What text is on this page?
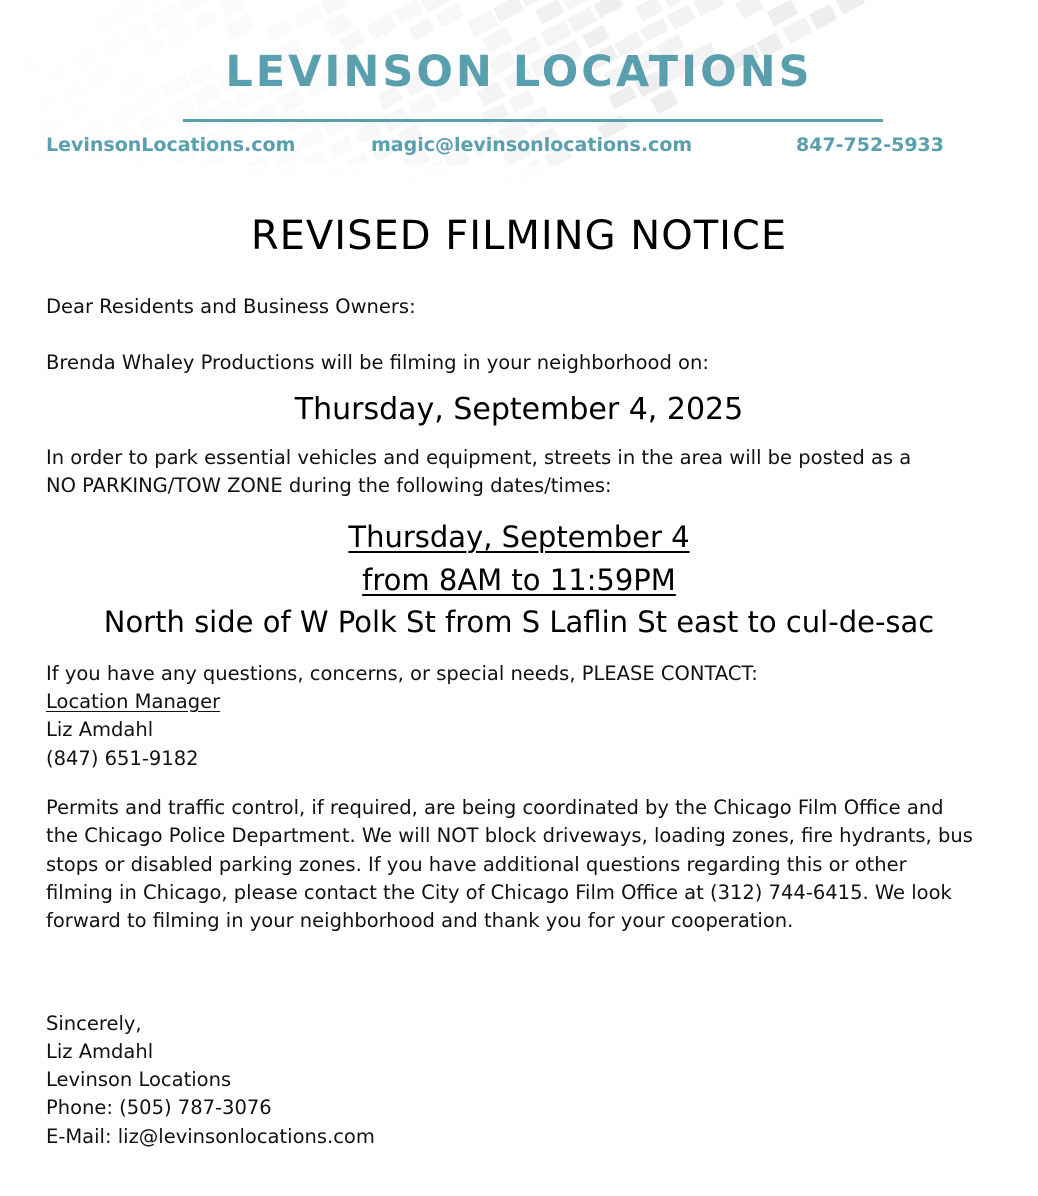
LEVINSON LOCATIONS
LevinsonLocations.com	magic@levinsonlocations.com	847-752-5933
REVISED FILMING NOTICE
Dear Residents and Business Owners:
Brenda Whaley Productions will be filming in your neighborhood on:
Thursday, September 4, 2025
In order to park essential vehicles and equipment, streets in the area will be posted as a
NO PARKING/TOW ZONE during the following dates/times:
Thursday, September 4
from 8AM to 11:59PM
North side of W Polk St from S Laflin St east to cul-de-sac
If you have any questions, concerns, or special needs, PLEASE CONTACT:
Location Manager
Liz Amdahl
(847) 651-9182
Permits and traffic control, if required, are being coordinated by the Chicago Film Office and the Chicago Police Department. We will NOT block driveways, loading zones, fire hydrants, bus stops or disabled parking zones. If you have additional questions regarding this or other filming in Chicago, please contact the City of Chicago Film Office at (312) 744-6415. We look forward to filming in your neighborhood and thank you for your cooperation.
Sincerely,
Liz Amdahl
Levinson Locations
Phone: (505) 787-3076
E-Mail: liz@levinsonlocations.com
